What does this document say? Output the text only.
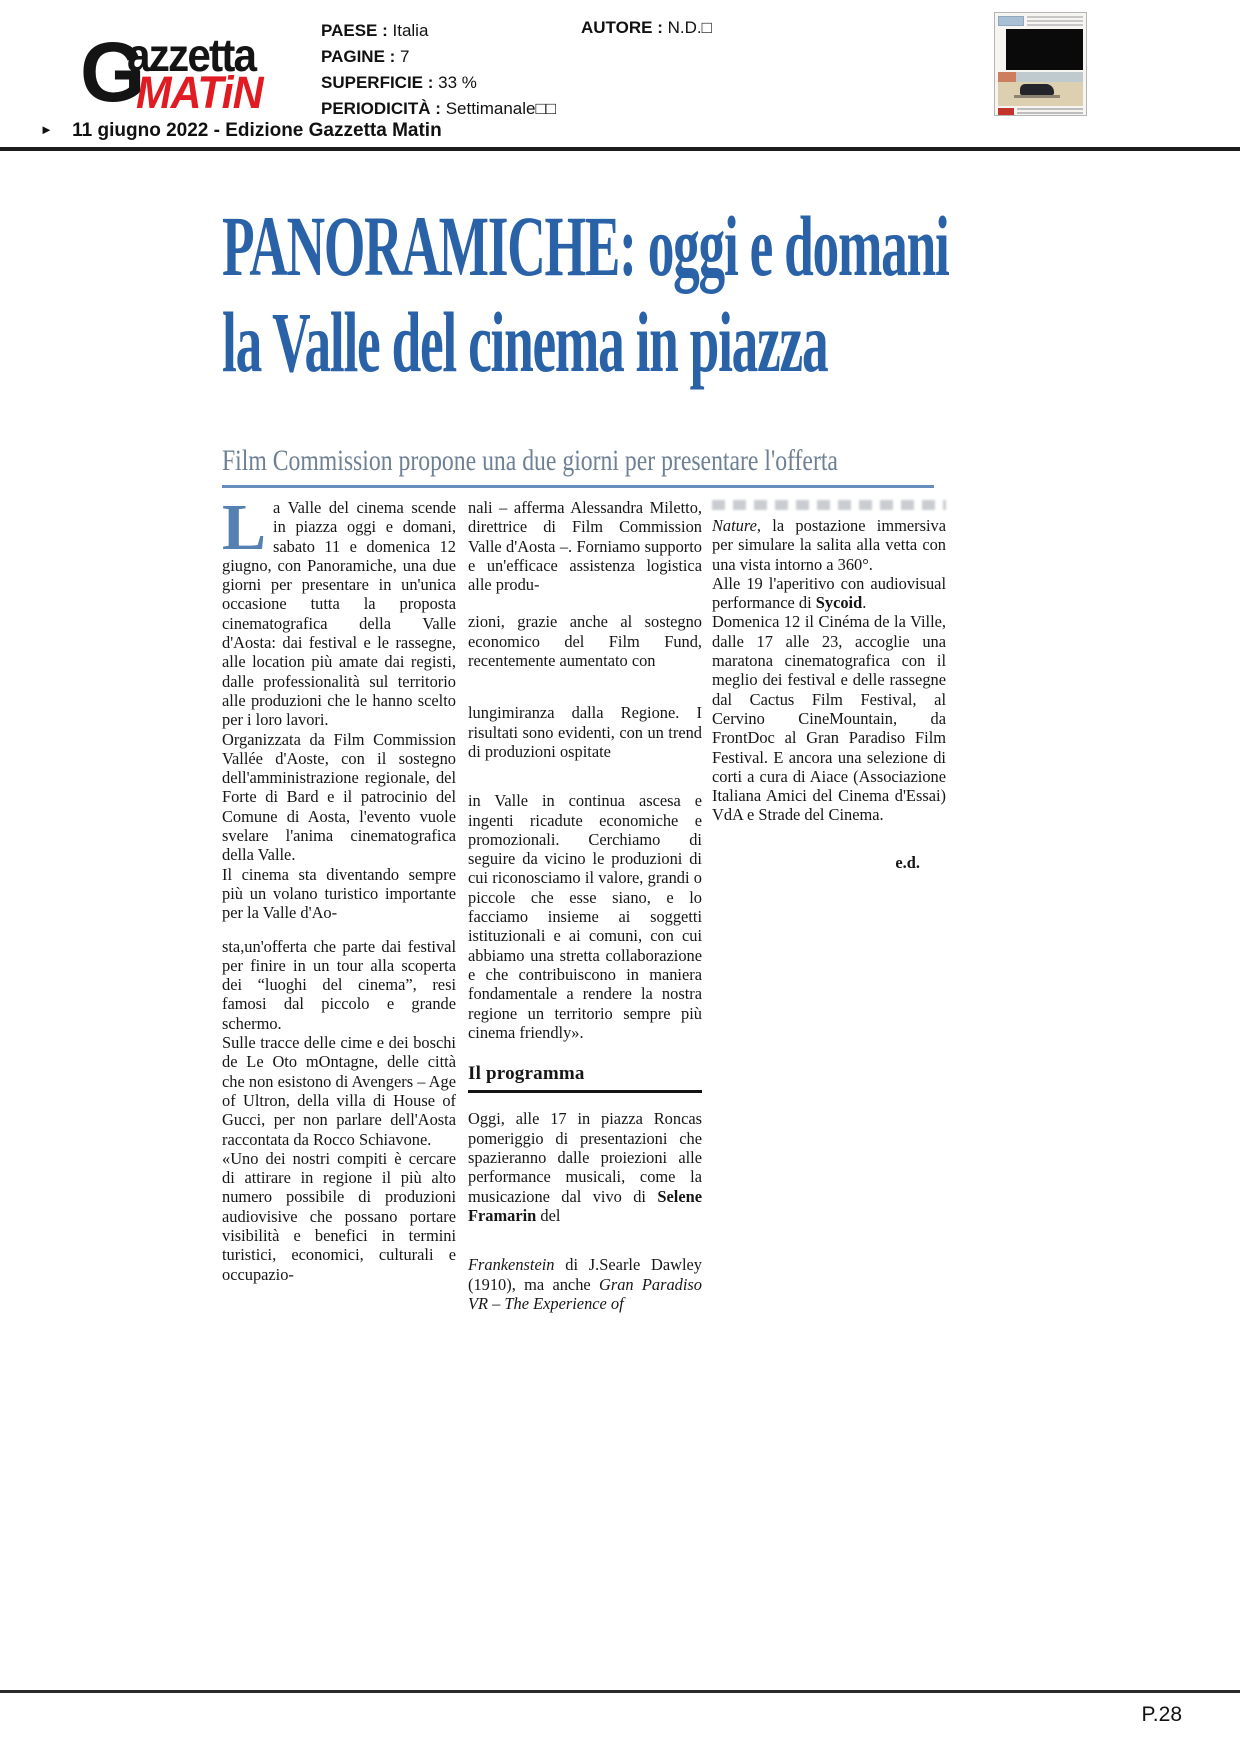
G
azzetta
MATiN
PAESE : Italia
PAGINE : 7
SUPERFICIE : 33 %
PERIODICITÀ : Settimanale□□
AUTORE : N.D.□
► 11 giugno 2022 - Edizione Gazzetta Matin
PANORAMICHE: oggi e domani
la Valle del cinema in piazza
Film Commission propone una due giorni per presentare l'offerta

La Valle del cinema scende in piazza oggi e domani, sabato 11 e domenica 12 giugno, con Panoramiche, una due giorni per presentare in un'unica occasione tutta la proposta cinematografica della Valle d'Aosta: dai festival e le rassegne, alle location più amate dai registi, dalle professionalità sul territorio alle produzioni che le hanno scelto per i loro lavori.

Organizzata da Film Commission Vallée d'Aoste, con il sostegno dell'amministrazione regionale, del Forte di Bard e il patrocinio del Comune di Aosta, l'evento vuole svelare l'anima cinematografica della Valle.

Il cinema sta diventando sempre più un volano turistico importante per la Valle d'Ao-

sta,un'offerta che parte dai festival per finire in un tour alla scoperta dei “luoghi del cinema”, resi famosi dal piccolo e grande schermo.

Sulle tracce delle cime e dei boschi de Le Oto mOntagne, delle città che non esistono di Avengers – Age of Ultron, della villa di House of Gucci, per non parlare dell'Aosta raccontata da Rocco Schiavone.

«Uno dei nostri compiti è cercare di attirare in regione il più alto numero possibile di produzioni audiovisive che possano portare visibilità e benefici in termini turistici, economici, culturali e occupazio-

nali – afferma Alessandra Miletto, direttrice di Film Commission Valle d'Aosta –. Forniamo supporto e un'efficace assistenza logistica alle produ-

zioni, grazie anche al sostegno economico del Film Fund, recentemente aumentato con

lungimiranza dalla Regione. I risultati sono evidenti, con un trend di produzioni ospitate

in Valle in continua ascesa e ingenti ricadute economiche e promozionali. Cerchiamo di seguire da vicino le produzioni di cui riconosciamo il valore, grandi o piccole che esse siano, e lo facciamo insieme ai soggetti istituzionali e ai comuni, con cui abbiamo una stretta collaborazione e che contribuiscono in maniera fondamentale a rendere la nostra regione un territorio sempre più cinema friendly».

Il programma

Oggi, alle 17 in piazza Roncas pomeriggio di presentazioni che spazieranno dalle proiezioni alle performance musicali, come la musicazione dal vivo di Selene Framarin del

Frankenstein di J.Searle Dawley (1910), ma anche Gran Paradiso VR – The Experience of

Nature, la postazione immersiva per simulare la salita alla vetta con una vista intorno a 360°.

Alle 19 l'aperitivo con audiovisual performance di Sycoid.

Domenica 12 il Cinéma de la Ville, dalle 17 alle 23, accoglie una maratona cinematografica con il meglio dei festival e delle rassegne dal Cactus Film Festival, al Cervino CineMountain, da FrontDoc al Gran Paradiso Film Festival. E ancora una selezione di corti a cura di Aiace (Associazione Italiana Amici del Cinema d'Essai) VdA e Strade del Cinema.

e.d.

P.28
